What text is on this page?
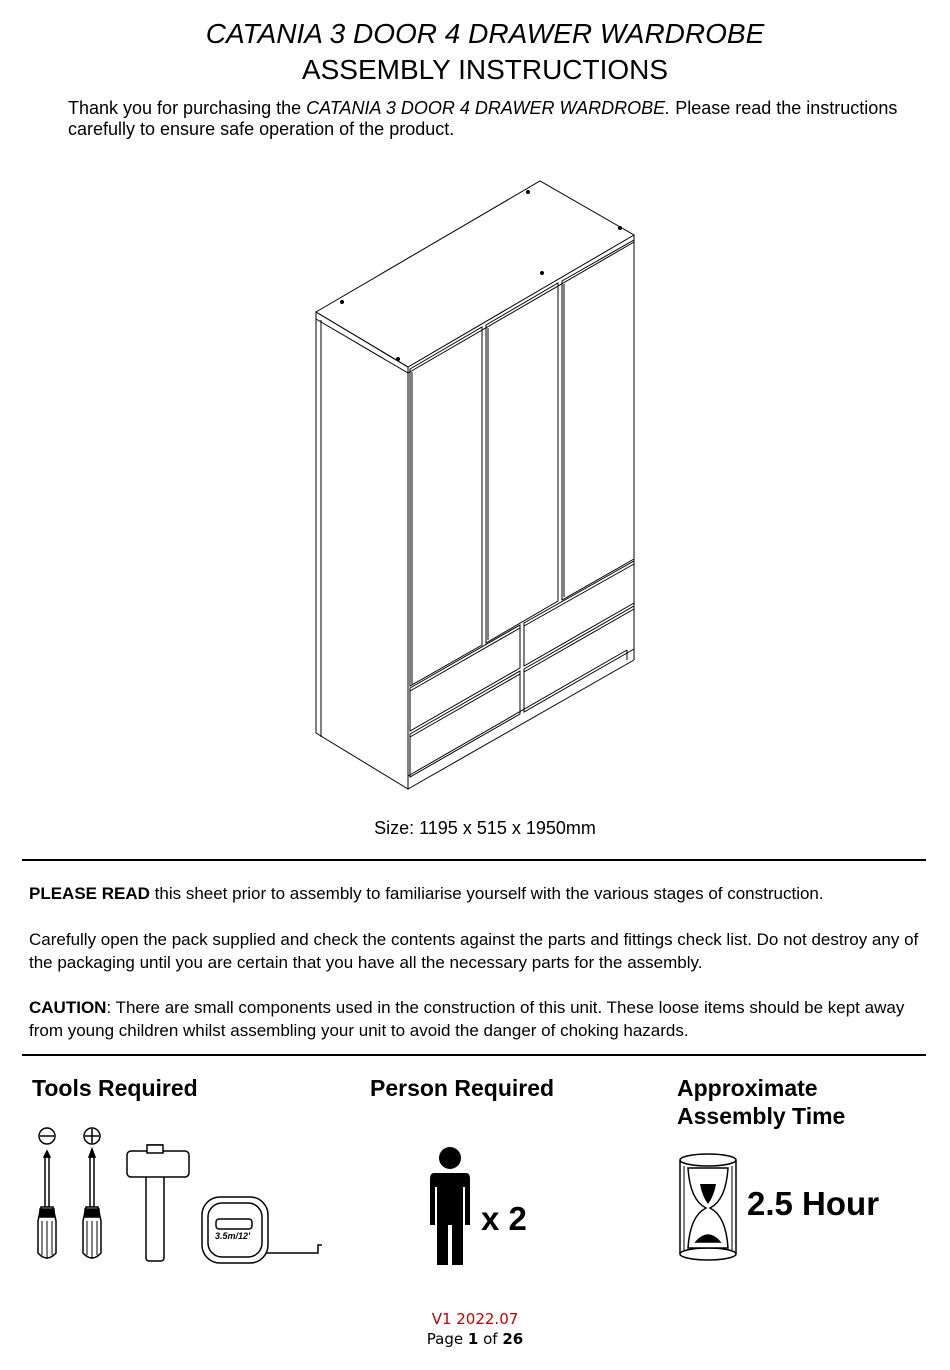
CATANIA 3 DOOR 4 DRAWER WARDROBE
ASSEMBLY INSTRUCTIONS
Thank you for purchasing the CATANIA 3 DOOR 4 DRAWER WARDROBE. Please read the instructions carefully to ensure safe operation of the product.
Size: 1195 x 515 x 1950mm
PLEASE READ this sheet prior to assembly to familiarise yourself with the various stages of construction.
Carefully open the pack supplied and check the contents against the parts and fittings check list. Do not destroy any of the packaging until you are certain that you have all the necessary parts for the assembly.
CAUTION: There are small components used in the construction of this unit. These loose items should be kept away from young children whilst assembling your unit to avoid the danger of choking hazards.
Tools Required	Person Required	Approximate
Assembly Time
3.5m/12'	x 2	2.5 Hour
V1 2022.07
Page 1 of 26
